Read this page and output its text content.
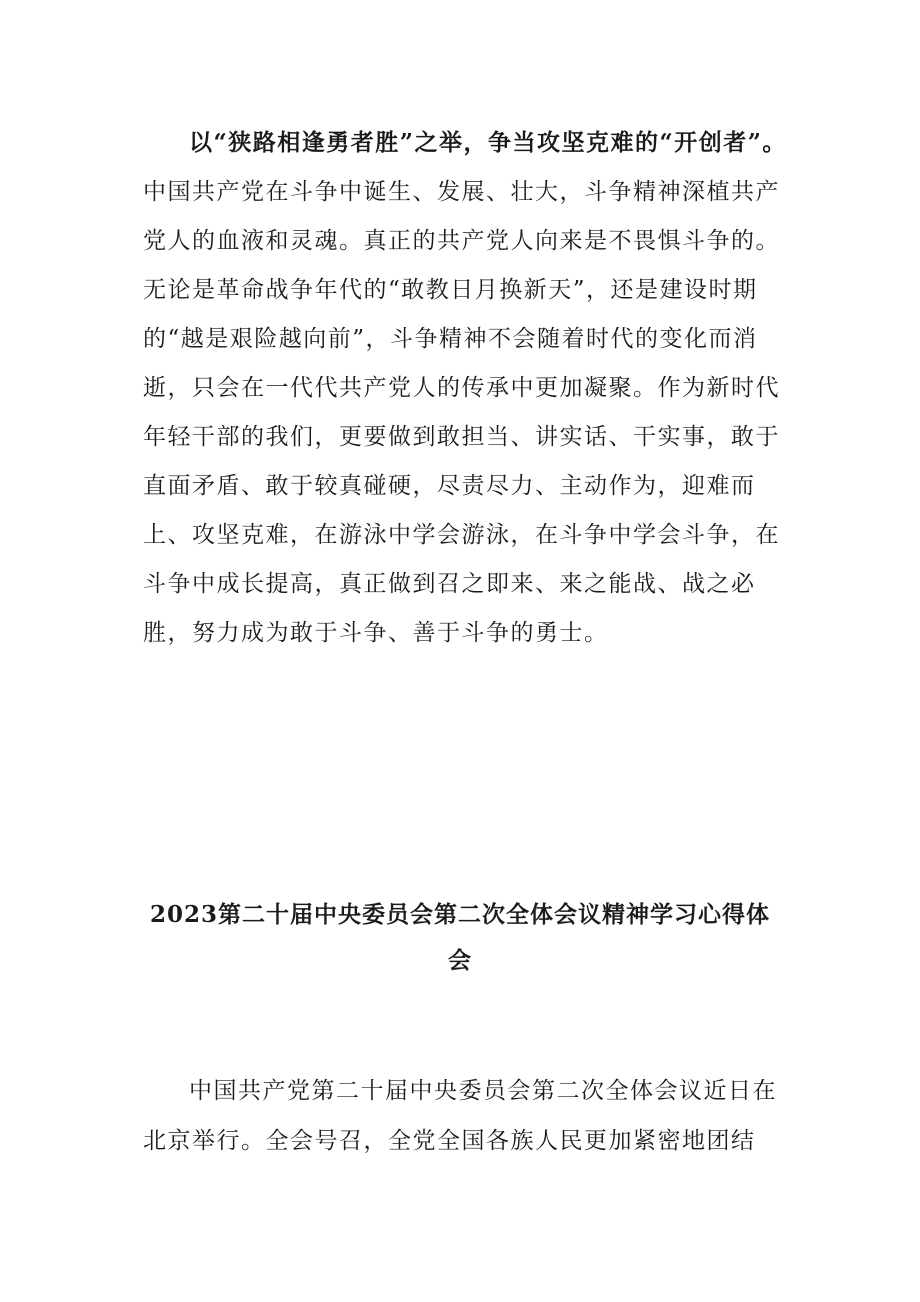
以“狭路相逢勇者胜”之举，争当攻坚克难的“开创者”。中国共产党在斗争中诞生、发展、壮大，斗争精神深植共产党人的血液和灵魂。真正的共产党人向来是不畏惧斗争的。无论是革命战争年代的“敢教日月换新天”，还是建设时期的“越是艰险越向前”，斗争精神不会随着时代的变化而消逝，只会在一代代共产党人的传承中更加凝聚。作为新时代年轻干部的我们，更要做到敢担当、讲实话、干实事，敢于直面矛盾、敢于较真碰硬，尽责尽力、主动作为，迎难而上、攻坚克难，在游泳中学会游泳，在斗争中学会斗争，在斗争中成长提高，真正做到召之即来、来之能战、战之必胜，努力成为敢于斗争、善于斗争的勇士。

2023第二十届中央委员会第二次全体会议精神学习心得体会

中国共产党第二十届中央委员会第二次全体会议近日在北京举行。全会号召，全党全国各族人民更加紧密地团结
